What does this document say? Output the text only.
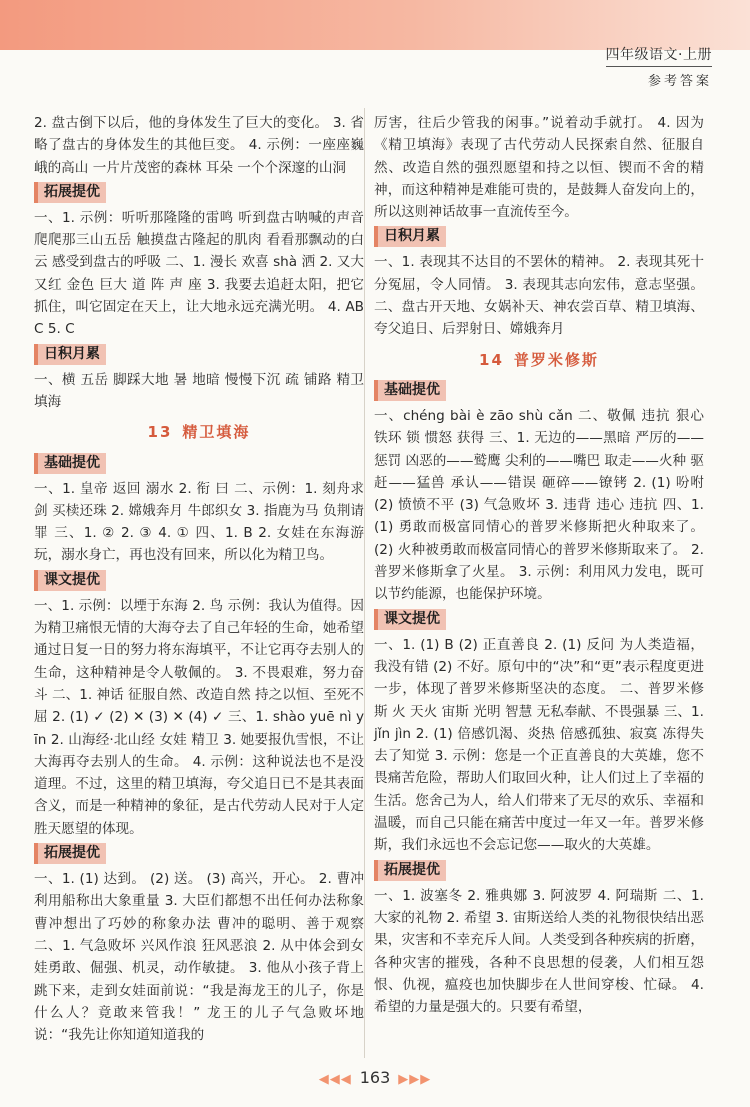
四年级语文·上册
参考答案

2. 盘古倒下以后，他的身体发生了巨大的变化。 3. 省略了盘古的身体发生的其他巨变。 4. 示例：一座座巍峨的高山 一片片茂密的森林 耳朵 一个个深邃的山洞

拓展提优

一、1. 示例：听听那隆隆的雷鸣 听到盘古呐喊的声音 爬爬那三山五岳 触摸盘古隆起的肌肉 看看那飘动的白云 感受到盘古的呼吸 二、1. 漫长 欢喜 shà 洒 2. 又大又红 金色 巨大 道 阵 声 座 3. 我要去追赶太阳，把它抓住，叫它固定在天上，让大地永远充满光明。 4. ABC 5. C

日积月累

一、横 五岳 脚踩大地 暑 地暗 慢慢下沉 疏 铺路 精卫填海

13 精卫填海
基础提优

一、1. 皇帝 返回 溺水 2. 衔 曰 二、示例：1. 刻舟求剑 买椟还珠 2. 嫦娥奔月 牛郎织女 3. 指鹿为马 负荆请罪 三、1. ② 2. ③ 4. ① 四、1. B 2. 女娃在东海游玩，溺水身亡，再也没有回来，所以化为精卫鸟。

课文提优

一、1. 示例：以堙于东海 2. 鸟 示例：我认为值得。因为精卫痛恨无情的大海夺去了自己年轻的生命，她希望通过日复一日的努力将东海填平，不让它再夺去别人的生命，这种精神是令人敬佩的。 3. 不畏艰难，努力奋斗 二、1. 神话 征服自然、改造自然 持之以恒、至死不屈 2. (1) ✓ (2) ✕ (3) ✕ (4) ✓ 三、1. shào yuē nì yīn 2. 山海经·北山经 女娃 精卫 3. 她要报仇雪恨，不让大海再夺去别人的生命。 4. 示例：这种说法也不是没道理。不过，这里的精卫填海，夸父追日已不是其表面含义，而是一种精神的象征，是古代劳动人民对于人定胜天愿望的体现。

拓展提优

一、1. (1) 达到。 (2) 送。 (3) 高兴，开心。 2. 曹冲利用船称出大象重量 3. 大臣们都想不出任何办法称象 曹冲想出了巧妙的称象办法 曹冲的聪明、善于观察 二、1. 气急败坏 兴风作浪 狂风恶浪 2. 从中体会到女娃勇敢、倔强、机灵，动作敏捷。 3. 他从小孩子背上跳下来，走到女娃面前说：“我是海龙王的儿子，你是什么人？竟敢来管我！” 龙王的儿子气急败坏地说：“我先让你知道知道我的

厉害，往后少管我的闲事。”说着动手就打。 4. 因为《精卫填海》表现了古代劳动人民探索自然、征服自然、改造自然的强烈愿望和持之以恒、锲而不舍的精神，而这种精神是难能可贵的，是鼓舞人奋发向上的，所以这则神话故事一直流传至今。

日积月累

一、1. 表现其不达目的不罢休的精神。 2. 表现其死十分冤屈，令人同情。 3. 表现其志向宏伟，意志坚强。 二、盘古开天地、女娲补天、神农尝百草、精卫填海、夸父追日、后羿射日、嫦娥奔月

14 普罗米修斯
基础提优

一、chéng bài è zāo shù cǎn 二、敬佩 违抗 狠心 铁环 锁 惯怒 获得 三、1. 无边的——黑暗 严厉的——惩罚 凶恶的——鹫鹰 尖利的——嘴巴 取走——火种 驱赶——猛兽 承认——错误 砸碎——镣铐 2. (1) 吩咐 (2) 愤愤不平 (3) 气急败坏 3. 违背 违心 违抗 四、1. (1) 勇敢而极富同情心的普罗米修斯把火种取来了。 (2) 火种被勇敢而极富同情心的普罗米修斯取来了。 2. 普罗米修斯拿了火星。 3. 示例：利用风力发电，既可以节约能源，也能保护环境。

课文提优

一、1. (1) B (2) 正直善良 2. (1) 反问 为人类造福，我没有错 (2) 不好。原句中的“决”和“更”表示程度更进一步，体现了普罗米修斯坚决的态度。 二、普罗米修斯 火 天火 宙斯 光明 智慧 无私奉献、不畏强暴 三、1. jǐn jìn 2. (1) 倍感饥渴、炎热 倍感孤独、寂寞 冻得失去了知觉 3. 示例：您是一个正直善良的大英雄，您不畏痛苦危险，帮助人们取回火种，让人们过上了幸福的生活。您舍己为人，给人们带来了无尽的欢乐、幸福和温暖，而自己只能在痛苦中度过一年又一年。普罗米修斯，我们永远也不会忘记您——取火的大英雄。

拓展提优

一、1. 波塞冬 2. 雅典娜 3. 阿波罗 4. 阿瑞斯 二、1. 大家的礼物 2. 希望 3. 宙斯送给人类的礼物很快结出恶果，灾害和不幸充斥人间。人类受到各种疾病的折磨，各种灾害的摧残，各种不良思想的侵袭，人们相互怨恨、仇视，瘟疫也加快脚步在人世间穿梭、忙碌。 4. 希望的力量是强大的。只要有希望，

◀◀◀ 163 ▶▶▶
